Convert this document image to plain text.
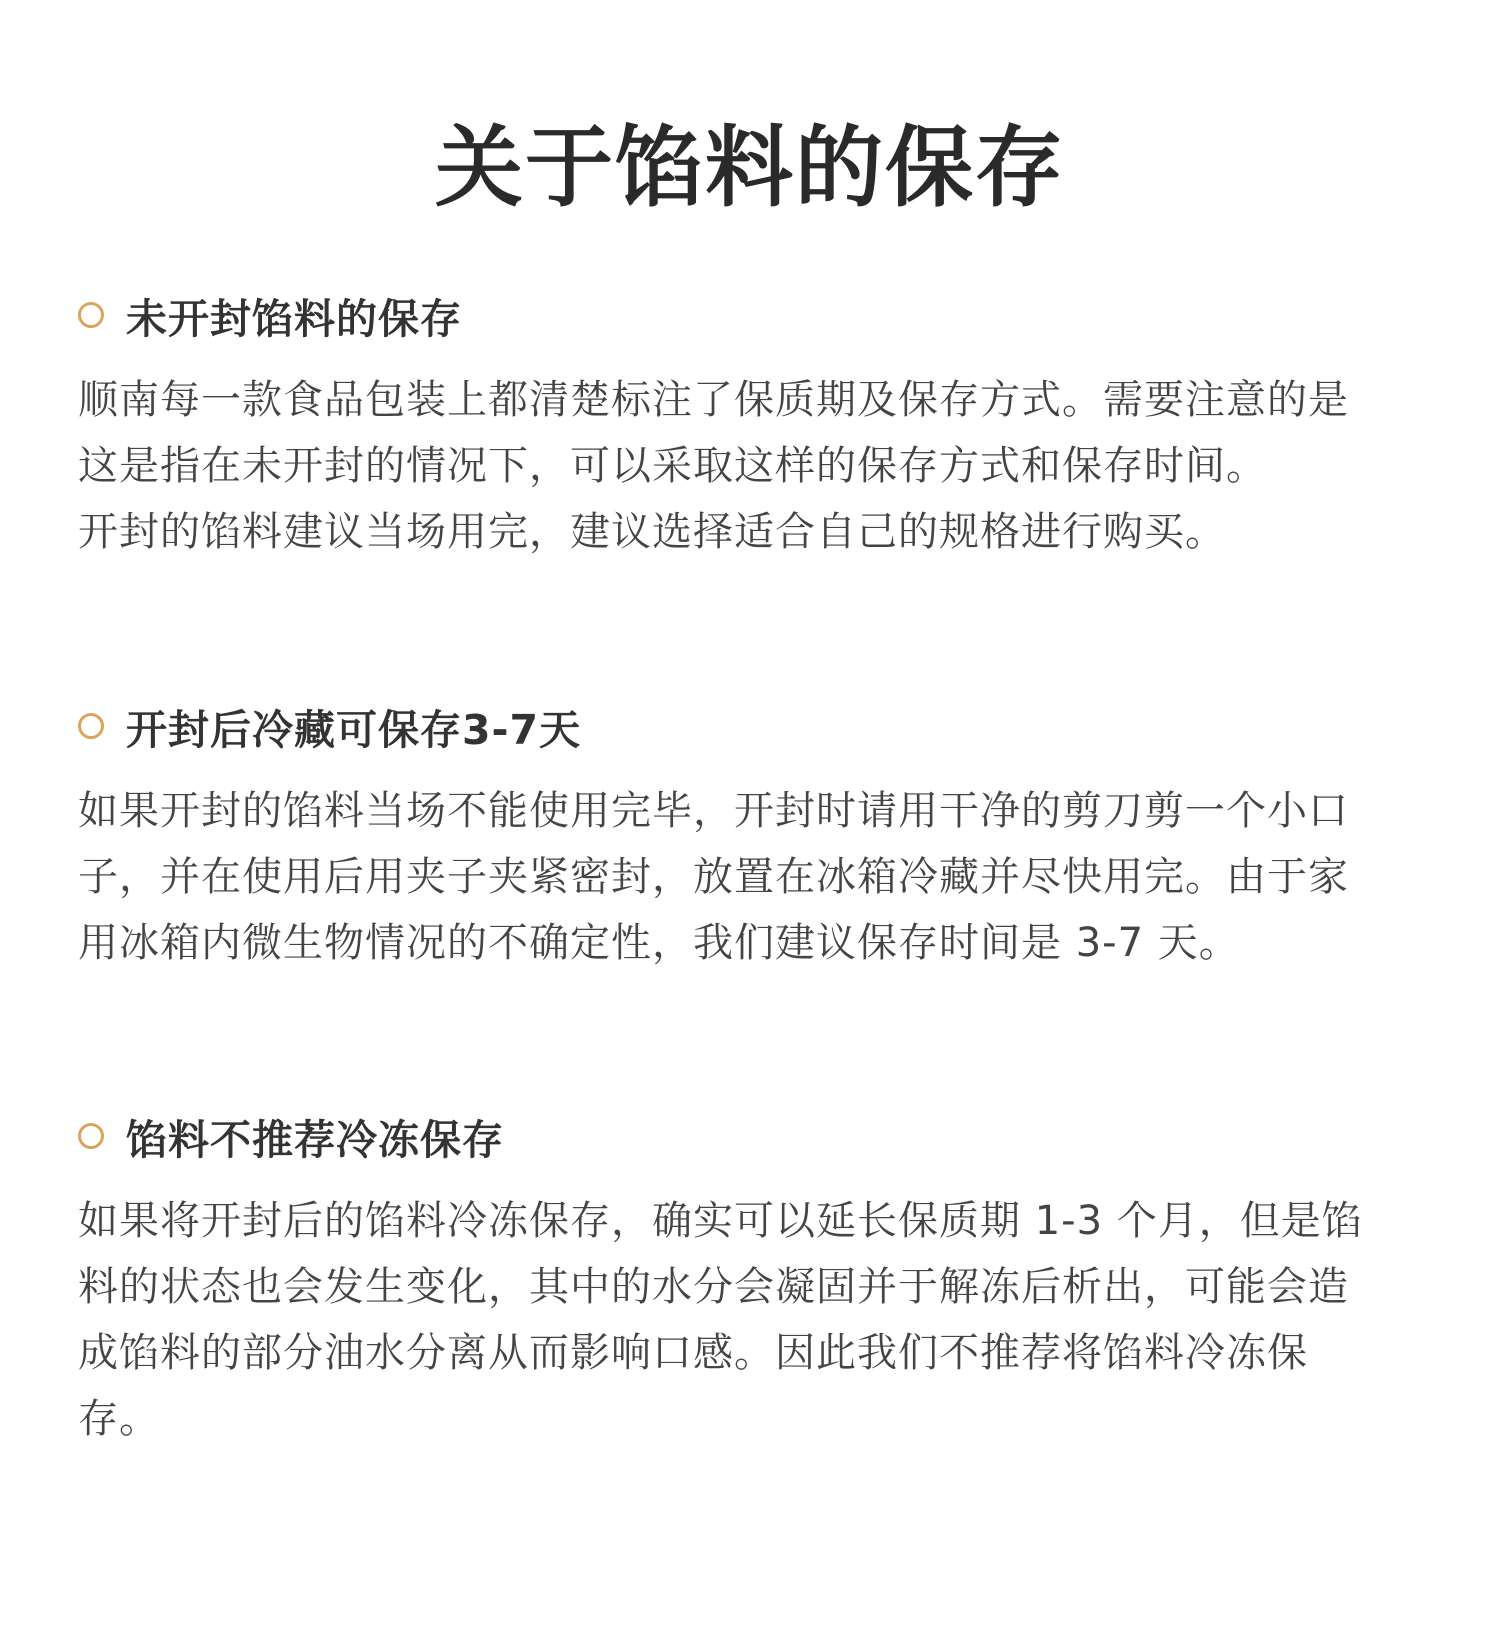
关于馅料的保存
未开封馅料的保存

顺南每一款食品包装上都清楚标注了保质期及保存方式。需要注意的是这是指在未开封的情况下，可以采取这样的保存方式和保存时间。

开封的馅料建议当场用完，建议选择适合自己的规格进行购买。

开封后冷藏可保存3-7天

如果开封的馅料当场不能使用完毕，开封时请用干净的剪刀剪一个小口子，并在使用后用夹子夹紧密封，放置在冰箱冷藏并尽快用完。由于家用冰箱内微生物情况的不确定性，我们建议保存时间是 3-7 天。

馅料不推荐冷冻保存

如果将开封后的馅料冷冻保存，确实可以延长保质期 1-3 个月，但是馅料的状态也会发生变化，其中的水分会凝固并于解冻后析出，可能会造成馅料的部分油水分离从而影响口感。因此我们不推荐将馅料冷冻保存。
